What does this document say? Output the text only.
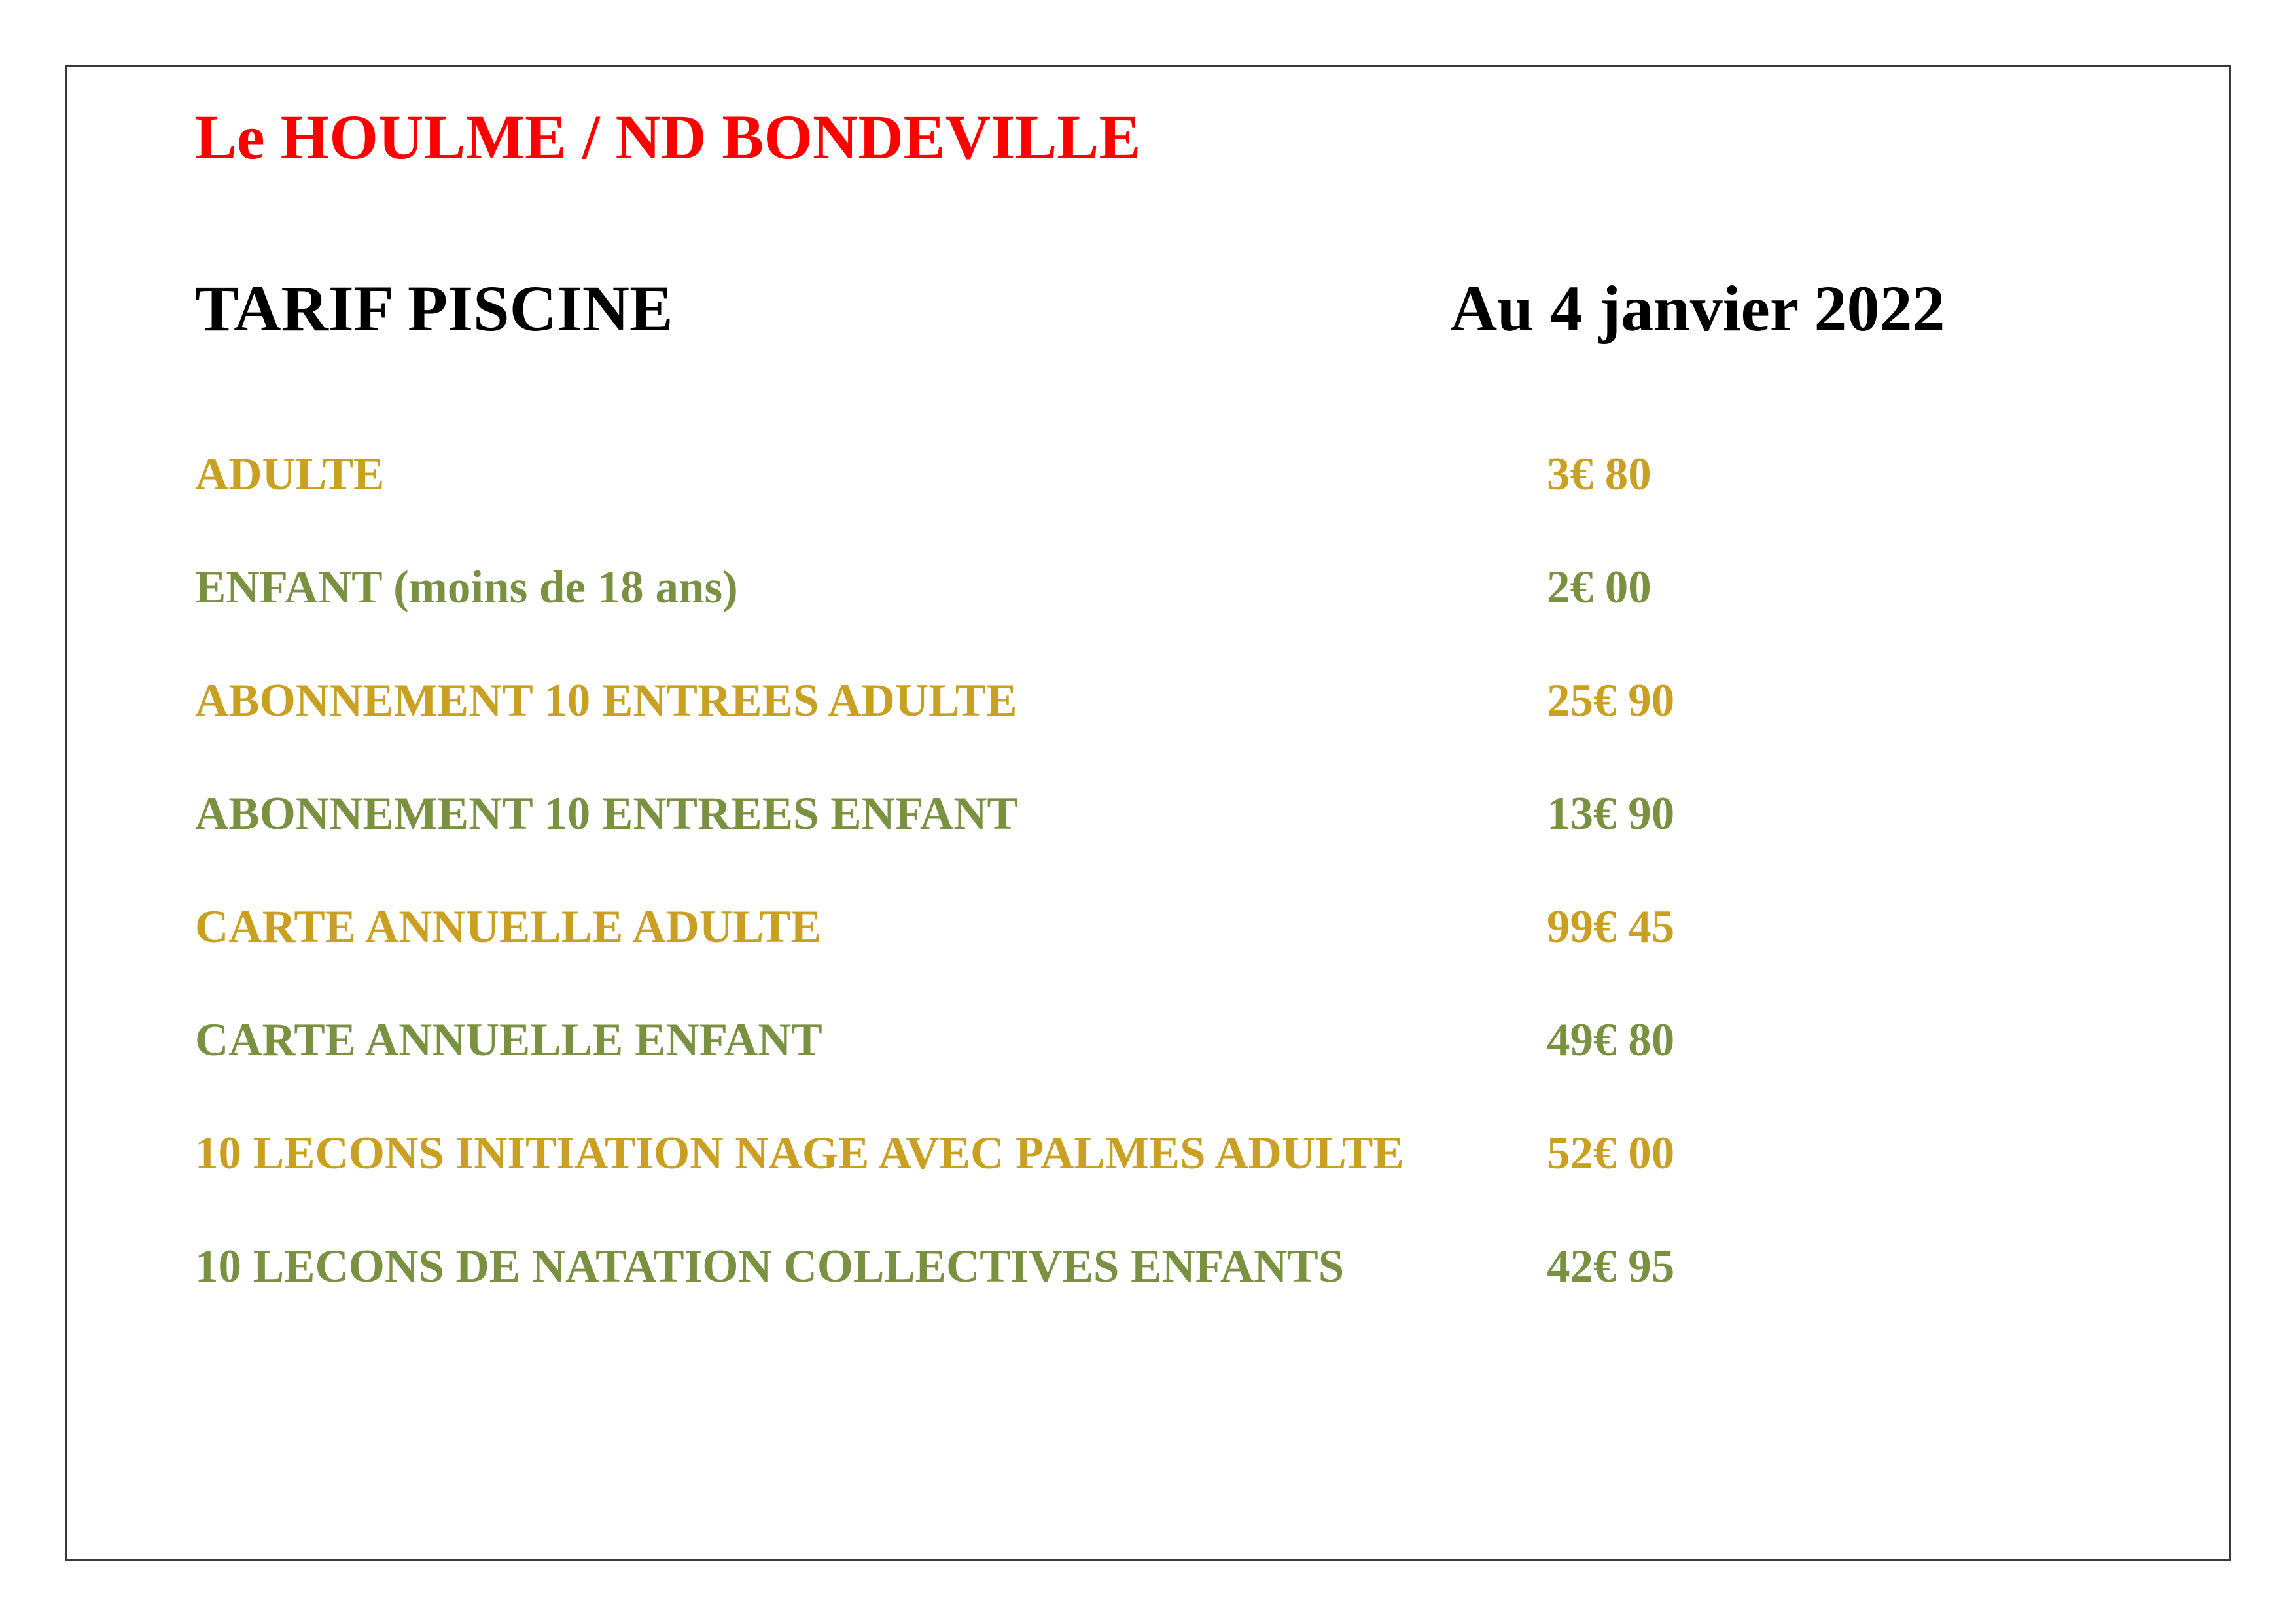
Le HOULME / ND BONDEVILLE
TARIF PISCINE	Au 4 janvier 2022
ADULTE	3€ 80
ENFANT (moins de 18 ans)	2€ 00
ABONNEMENT 10 ENTREES ADULTE	25€ 90
ABONNEMENT 10 ENTREES ENFANT	13€ 90
CARTE ANNUELLE ADULTE	99€ 45
CARTE ANNUELLE ENFANT	49€ 80
10 LECONS INITIATION NAGE AVEC PALMES ADULTE	52€ 00
10 LECONS DE NATATION COLLECTIVES ENFANTS	42€ 95
